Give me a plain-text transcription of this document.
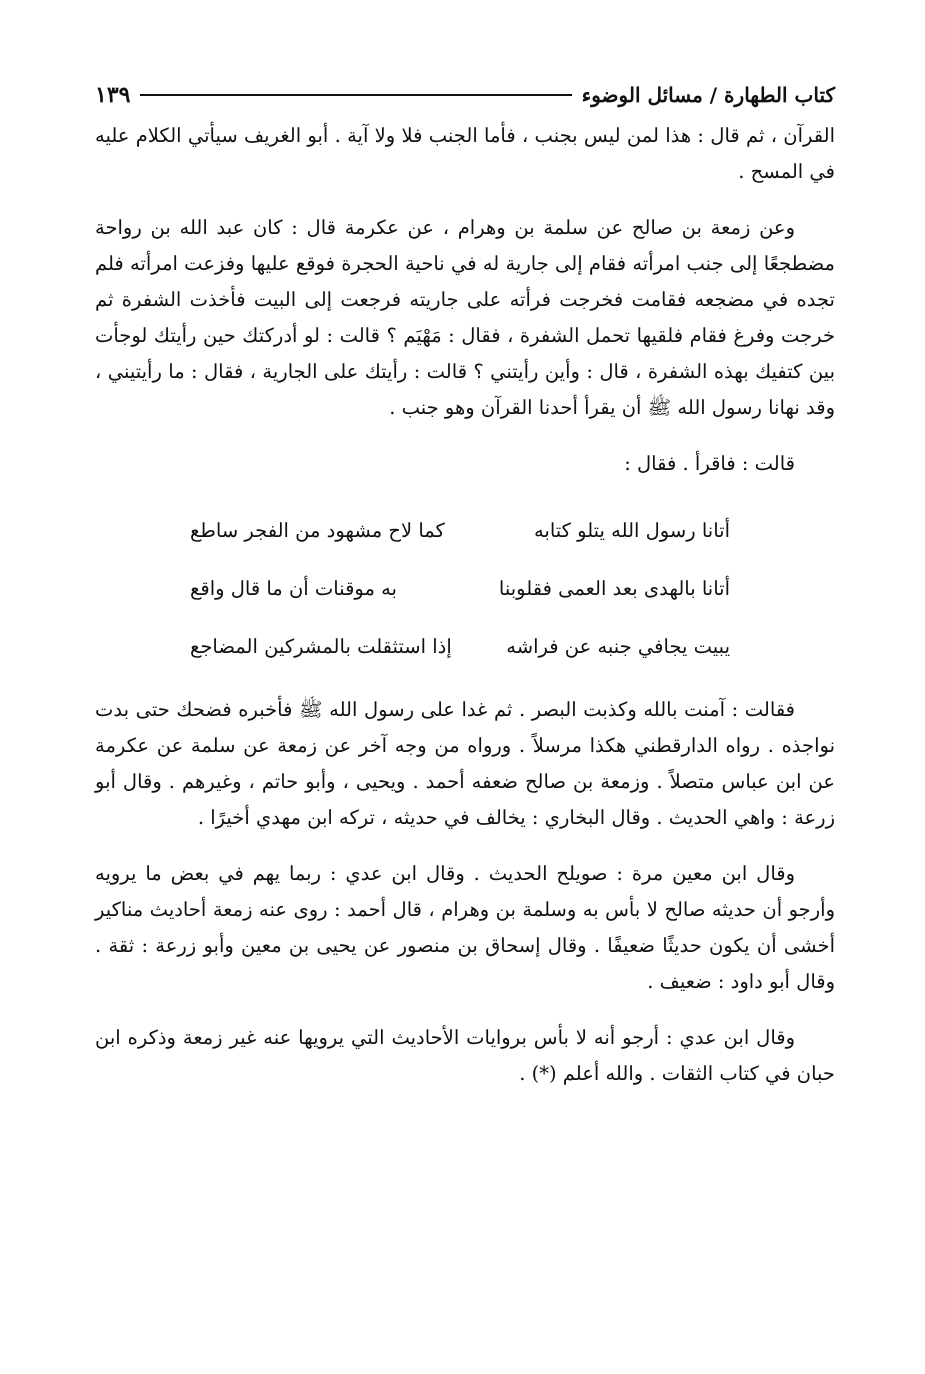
١٣٩	كتاب الطهارة / مسائل الوضوء

القرآن ، ثم قال : هذا لمن ليس بجنب ، فأما الجنب فلا ولا آية . أبو الغريف سيأتي الكلام عليه في المسح .

وعن زمعة بن صالح عن سلمة بن وهرام ، عن عكرمة قال : كان عبد الله بن رواحة مضطجعًا إلى جنب امرأته فقام إلى جارية له في ناحية الحجرة فوقع عليها وفزعت امرأته فلم تجده في مضجعه فقامت فخرجت فرأته على جاريته فرجعت إلى البيت فأخذت الشفرة ثم خرجت وفرغ فقام فلقيها تحمل الشفرة ، فقال : مَهْيَم ؟ قالت : لو أدركتك حين رأيتك لوجأت بين كتفيك بهذه الشفرة ، قال : وأين رأيتني ؟ قالت : رأيتك على الجارية ، فقال : ما رأيتيني ، وقد نهانا رسول الله ﷺ أن يقرأ أحدنا القرآن وهو جنب .

قالت : فاقرأ . فقال :

أتانا رسول الله يتلو كتابه
كما لاح مشهود من الفجر ساطع
أتانا بالهدى بعد العمى فقلوبنا
به موقنات أن ما قال واقع
يبيت يجافي جنبه عن فراشه
إذا استثقلت بالمشركين المضاجع

فقالت : آمنت بالله وكذبت البصر . ثم غدا على رسول الله ﷺ فأخبره فضحك حتى بدت نواجذه . رواه الدارقطني هكذا مرسلاً . ورواه من وجه آخر عن زمعة عن سلمة عن عكرمة عن ابن عباس متصلاً . وزمعة بن صالح ضعفه أحمد . ويحيى ، وأبو حاتم ، وغيرهم . وقال أبو زرعة : واهي الحديث . وقال البخاري : يخالف في حديثه ، تركه ابن مهدي أخيرًا .

وقال ابن معين مرة : صويلح الحديث . وقال ابن عدي : ربما يهم في بعض ما يرويه وأرجو أن حديثه صالح لا بأس به وسلمة بن وهرام ، قال أحمد : روى عنه زمعة أحاديث مناكير أخشى أن يكون حديثًا ضعيفًا . وقال إسحاق بن منصور عن يحيى بن معين وأبو زرعة : ثقة . وقال أبو داود : ضعيف .

وقال ابن عدي : أرجو أنه لا بأس بروايات الأحاديث التي يرويها عنه غير زمعة وذكره ابن حبان في كتاب الثقات . والله أعلم (*) .
